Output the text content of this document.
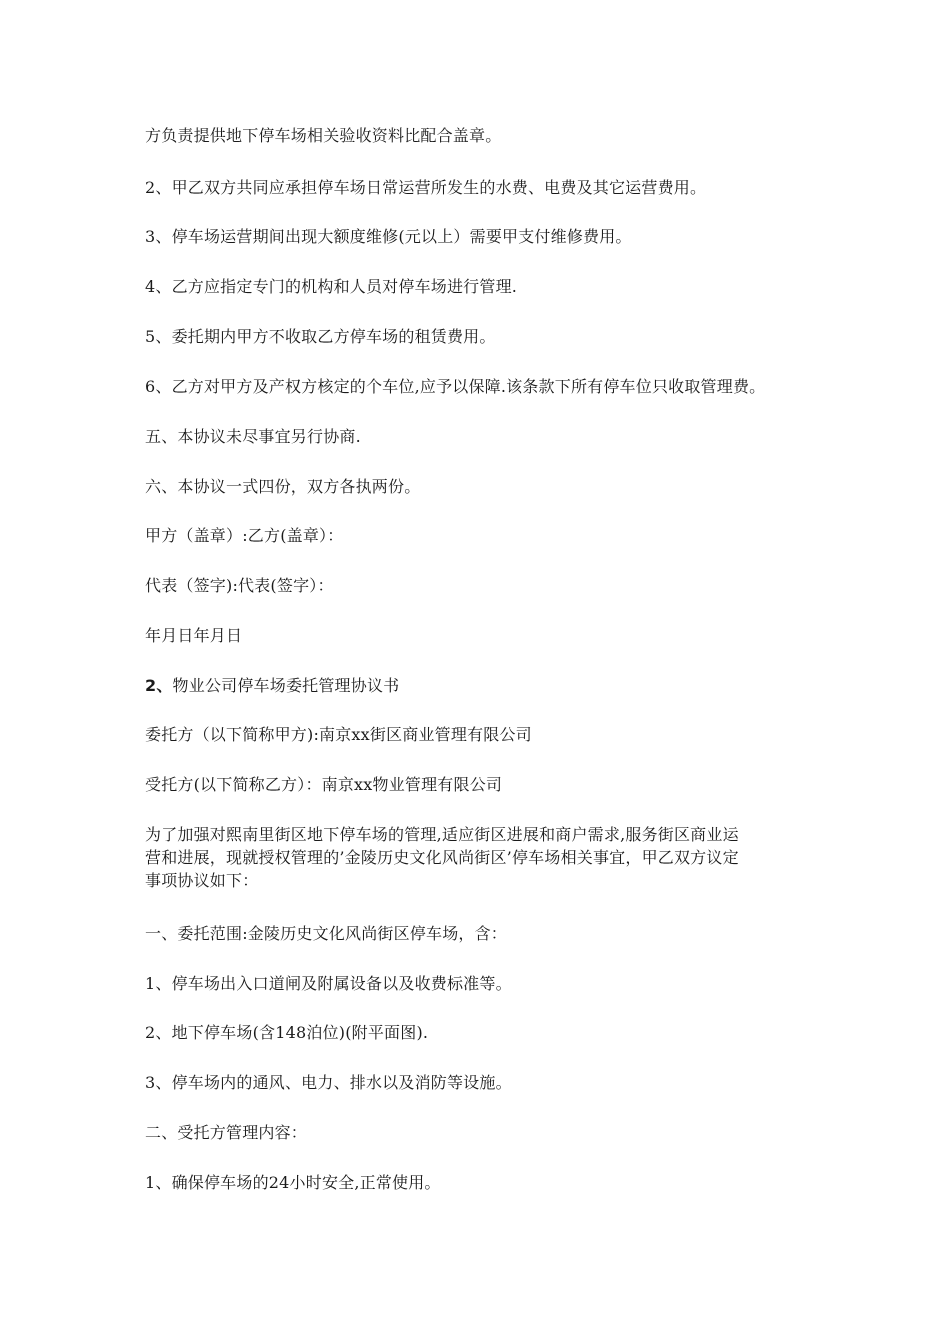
方负责提供地下停车场相关验收资料比配合盖章。
2、甲乙双方共同应承担停车场日常运营所发生的水费、电费及其它运营费用。
3、停车场运营期间出现大额度维修(元以上）需要甲支付维修费用。
4、乙方应指定专门的机构和人员对停车场进行管理.
5、委托期内甲方不收取乙方停车场的租赁费用。
6、乙方对甲方及产权方核定的个车位,应予以保障.该条款下所有停车位只收取管理费。
五、本协议未尽事宜另行协商.
六、本协议一式四份，双方各执两份。
甲方（盖章）:乙方(盖章）：
代表（签字):代表(签字）：
年月日年月日
2、物业公司停车场委托管理协议书
委托方（以下简称甲方):南京xx街区商业管理有限公司
受托方(以下简称乙方）：南京xx物业管理有限公司
为了加强对熙南里街区地下停车场的管理,适应街区进展和商户需求,服务街区商业运
营和进展，现就授权管理的’金陵历史文化风尚街区’停车场相关事宜，甲乙双方议定
事项协议如下：
一、委托范围:金陵历史文化风尚街区停车场，含：
1、停车场出入口道闸及附属设备以及收费标准等。
2、地下停车场(含148泊位)(附平面图).
3、停车场内的通风、电力、排水以及消防等设施。
二、受托方管理内容：
1、确保停车场的24小时安全,正常使用。
